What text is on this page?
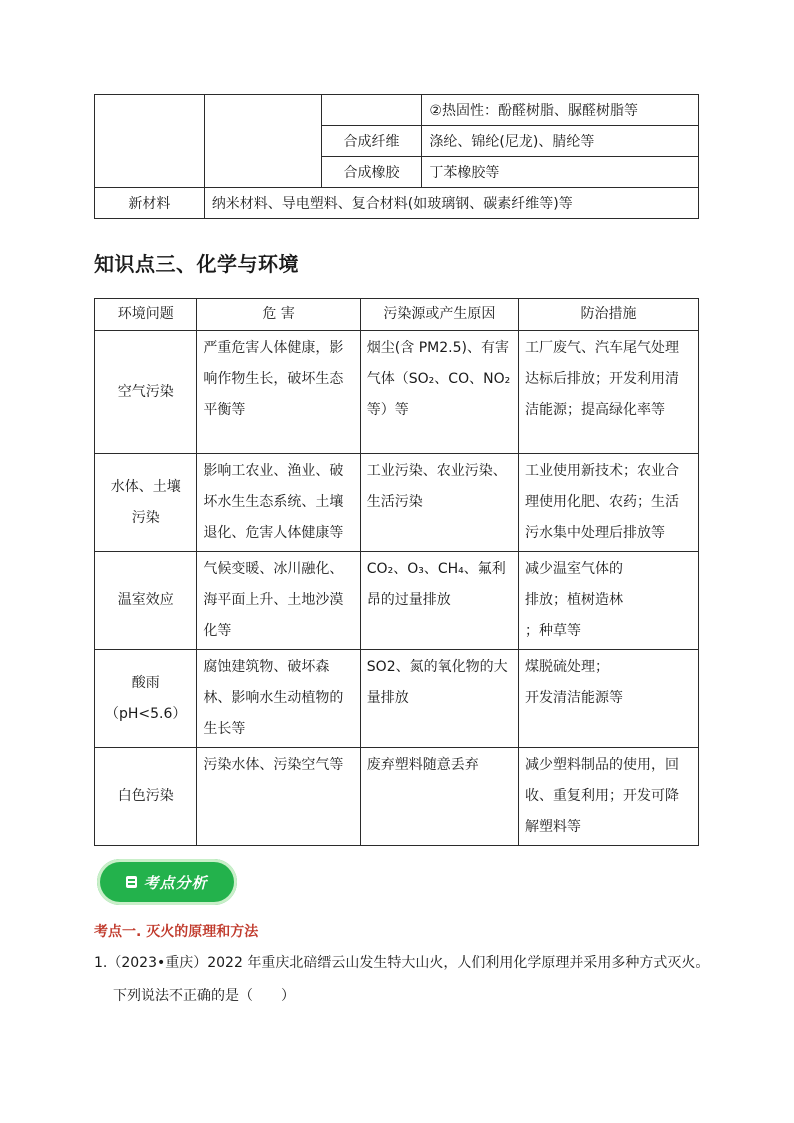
			②热固性：酚醛树脂、脲醛树脂等
		合成纤维	涤纶、锦纶(尼龙)、腈纶等
		合成橡胶	丁苯橡胶等
新材料	纳米材料、导电塑料、复合材料(如玻璃钢、碳素纤维等)等		
知识点三、化学与环境
环境问题	危 害	污染源或产生原因	防治措施
空气污染	严重危害人体健康，影响作物生长，破坏生态平衡等	烟尘(含 PM2.5)、有害气体（SO₂、CO、NO₂等）等	工厂废气、汽车尾气处理达标后排放；开发利用清洁能源；提高绿化率等
水体、土壤污染	影响工农业、渔业、破坏水生生态系统、土壤退化、危害人体健康等	工业污染、农业污染、生活污染	工业使用新技术；农业合理使用化肥、农药；生活污水集中处理后排放等
温室效应	气候变暖、冰川融化、海平面上升、土地沙漠化等	CO₂、O₃、CH₄、氟利昂的过量排放	减少温室气体的
排放；植树造林
；种草等

酸雨（pH<5.6）	腐蚀建筑物、破坏森林、影响水生动植物的生长等	SO2、氮的氧化物的大量排放	煤脱硫处理；
开发清洁能源等

白色污染	污染水体、污染空气等	废弃塑料随意丢弃	减少塑料制品的使用，回收、重复利用；开发可降解塑料等
考点分析
考点一. 灭火的原理和方法
1.（2023•重庆）2022 年重庆北碚缙云山发生特大山火，人们利用化学原理并采用多种方式灭火。
下列说法不正确的是（　　）
